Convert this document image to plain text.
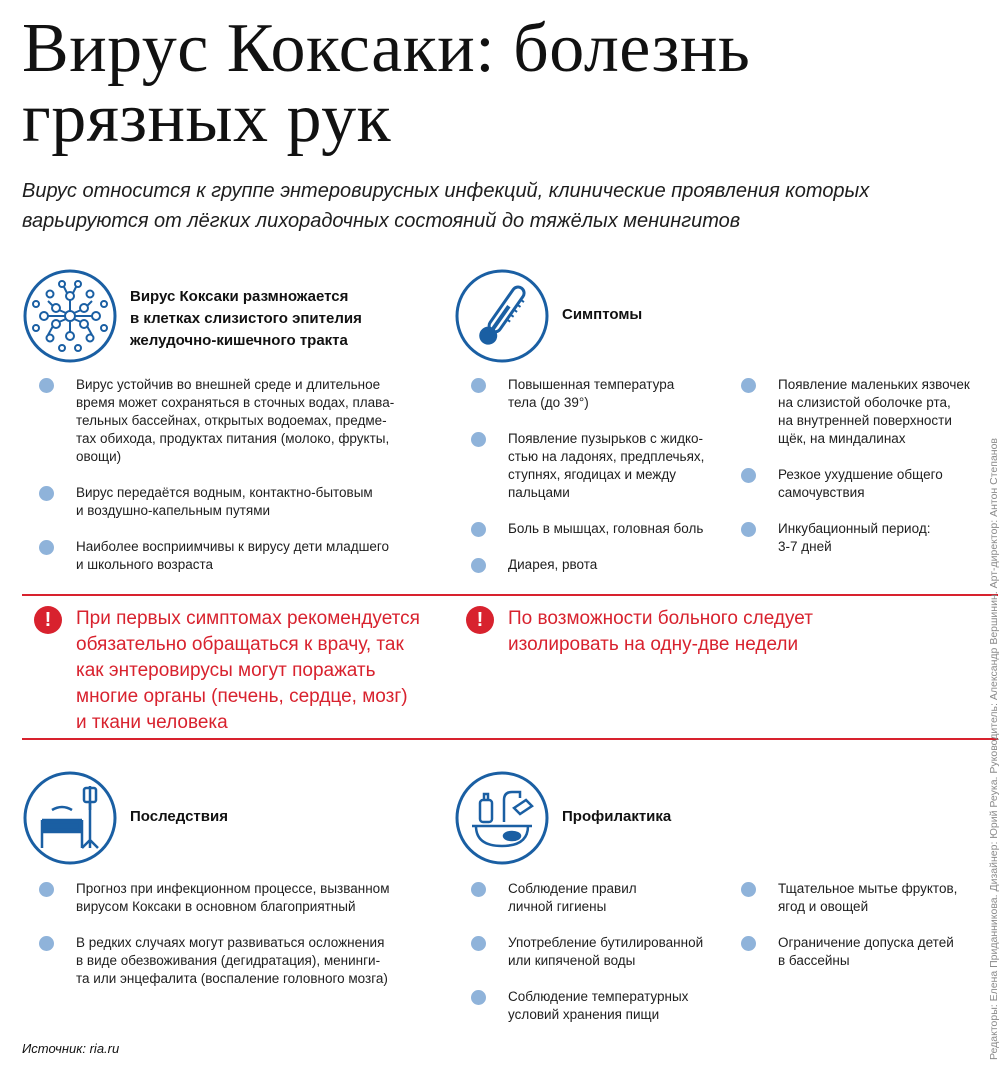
Вирус Коксаки: болезнь
грязных рук
Вирус относится к группе энтеровирусных инфекций, клинические проявления которых варьируются от лёгких лихорадочных состояний до тяжёлых менингитов
Вирус Коксаки размножается
в клетках слизистого эпителия
желудочно-кишечного тракта
Вирус устойчив во внешней среде и длительное
время может сохраняться в сточных водах, плава-
тельных бассейнах, открытых водоемах, предме-
тах обихода, продуктах питания (молоко, фрукты,
овощи)
Вирус передаётся водным, контактно-бытовым
и воздушно-капельным путями
Наиболее восприимчивы к вирусу дети младшего
и школьного возраста
Симптомы
Повышенная температура
тела (до 39°)
Появление пузырьков с жидко-
стью на ладонях, предплечьях,
ступнях, ягодицах и между
пальцами
Боль в мышцах, головная боль
Диарея, рвота
Появление маленьких язвочек
на слизистой оболочке рта,
на внутренней поверхности
щёк, на миндалинах
Резкое ухудшение общего
самочувствия
Инкубационный период:
3-7 дней
!	При первых симптомах рекомендуется
обязательно обращаться к врачу, так
как энтеровирусы могут поражать
многие органы (печень, сердце, мозг)
и ткани человека
!	По возможности больного следует
изолировать на одну-две недели
Последствия
Прогноз при инфекционном процессе, вызванном
вирусом Коксаки в основном благоприятный
В редких случаях могут развиваться осложнения
в виде обезвоживания (дегидратация), менинги-
та или энцефалита (воспаление головного мозга)
Профилактика
Соблюдение правил
личной гигиены
Употребление бутилированной
или кипяченой воды
Соблюдение температурных
условий хранения пищи
Тщательное мытье фруктов,
ягод и овощей
Ограничение допуска детей
в бассейны
Источник: ria.ru	Редакторы: Елена Приданникова. Дизайнер: Юрий Реука. Руководитель: Александр Вершинин. Арт-директор: Антон Степанов
